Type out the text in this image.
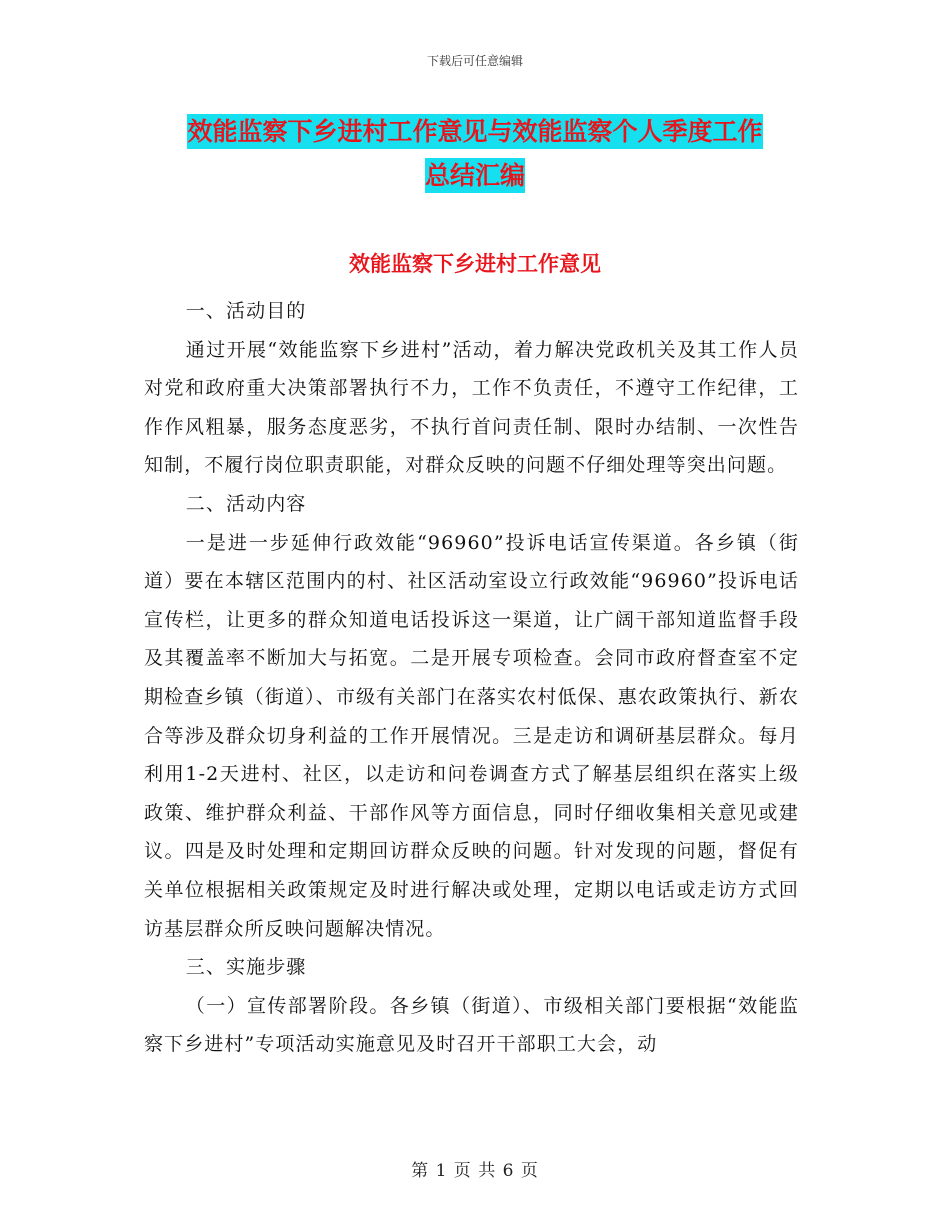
下载后可任意编辑
效能监察下乡进村工作意见与效能监察个人季度工作
总结汇编
效能监察下乡进村工作意见

一、活动目的

通过开展“效能监察下乡进村”活动，着力解决党政机关及其工作人员对党和政府重大决策部署执行不力，工作不负责任，不遵守工作纪律，工作作风粗暴，服务态度恶劣，不执行首问责任制、限时办结制、一次性告知制，不履行岗位职责职能，对群众反映的问题不仔细处理等突出问题。

二、活动内容

一是进一步延伸行政效能“96960”投诉电话宣传渠道。各乡镇（街道）要在本辖区范围内的村、社区活动室设立行政效能“96960”投诉电话宣传栏，让更多的群众知道电话投诉这一渠道，让广阔干部知道监督手段及其覆盖率不断加大与拓宽。二是开展专项检查。会同市政府督查室不定期检查乡镇（街道）、市级有关部门在落实农村低保、惠农政策执行、新农合等涉及群众切身利益的工作开展情况。三是走访和调研基层群众。每月利用1-2天进村、社区，以走访和问卷调查方式了解基层组织在落实上级政策、维护群众利益、干部作风等方面信息，同时仔细收集相关意见或建议。四是及时处理和定期回访群众反映的问题。针对发现的问题，督促有关单位根据相关政策规定及时进行解决或处理，定期以电话或走访方式回访基层群众所反映问题解决情况。

三、实施步骤

（一）宣传部署阶段。各乡镇（街道）、市级相关部门要根据“效能监察下乡进村”专项活动实施意见及时召开干部职工大会，动

第 1 页 共 6 页
